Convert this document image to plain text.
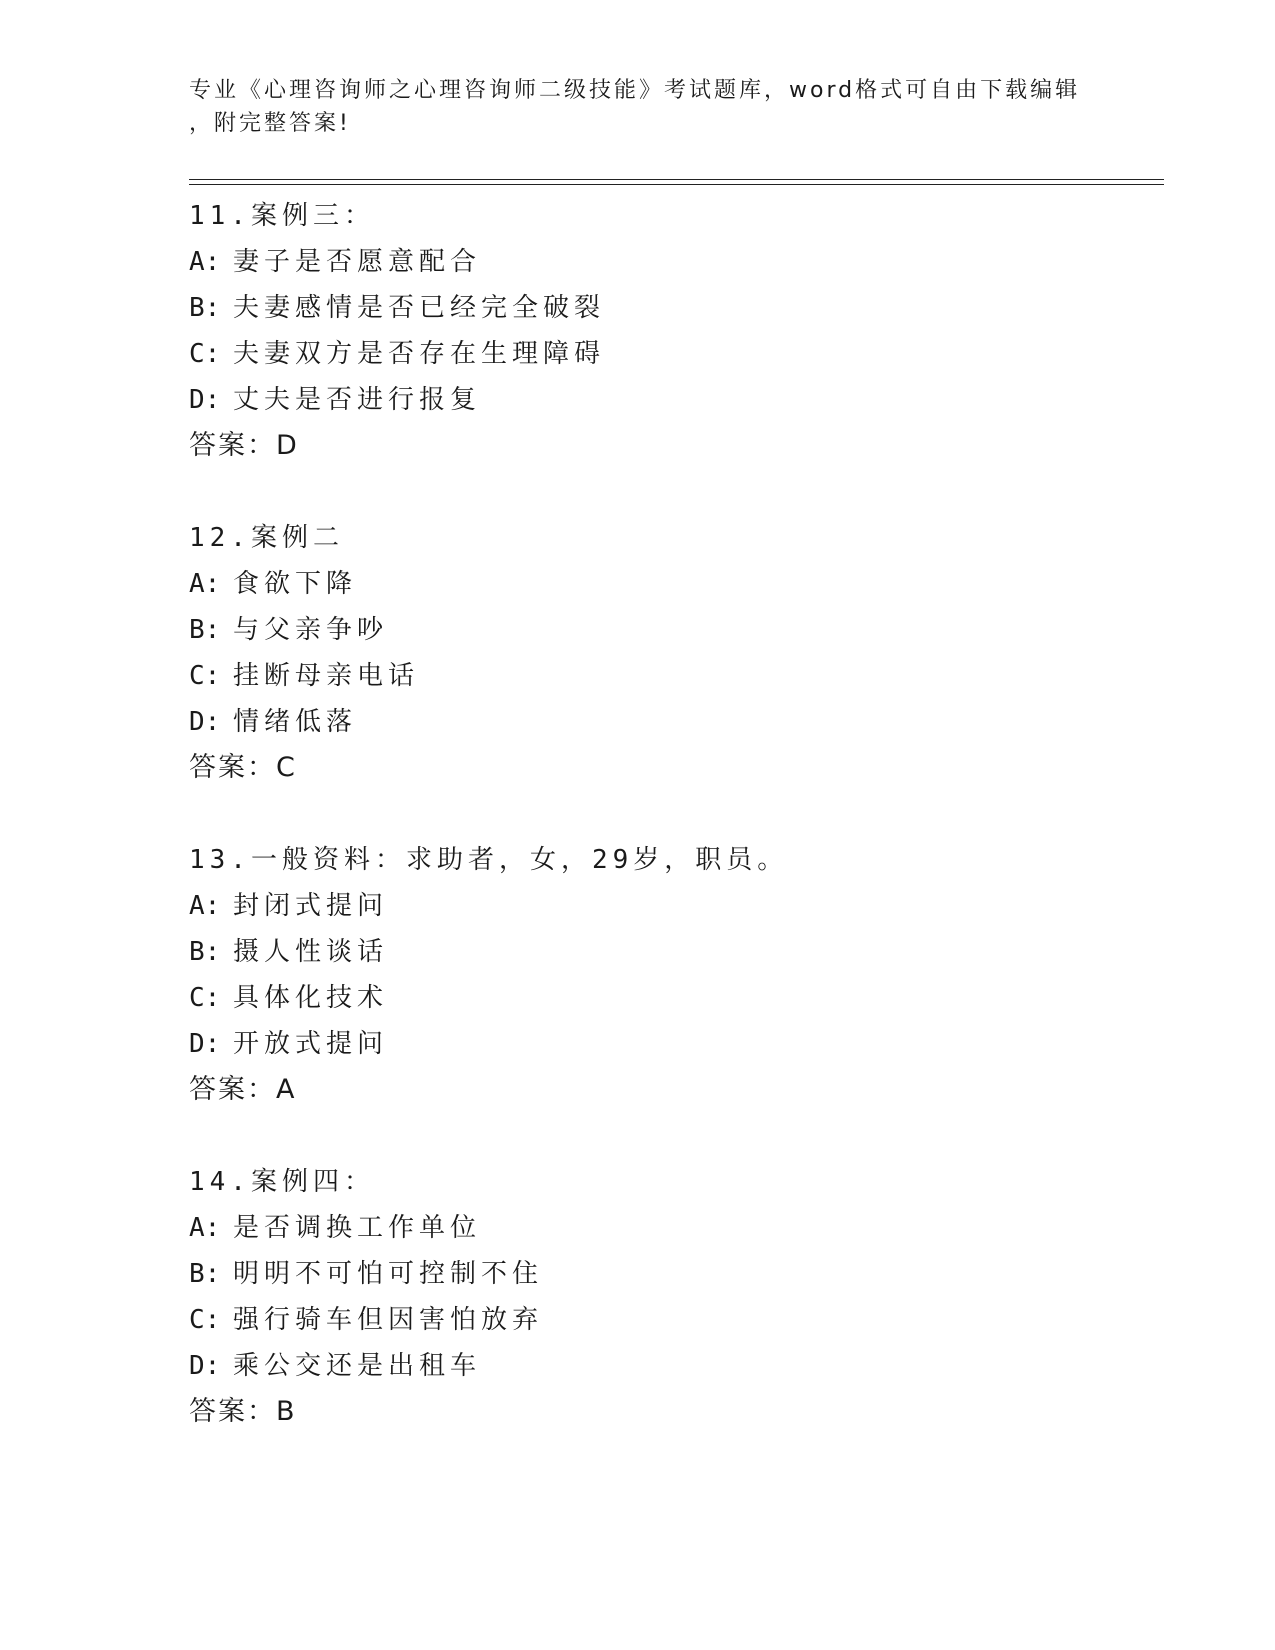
专业《心理咨询师之心理咨询师二级技能》考试题库，word格式可自由下载编辑
，附完整答案!
11.案例三：
A: 妻子是否愿意配合
B: 夫妻感情是否已经完全破裂
C: 夫妻双方是否存在生理障碍
D: 丈夫是否进行报复
答案：D
12.案例二
A: 食欲下降
B: 与父亲争吵
C: 挂断母亲电话
D: 情绪低落
答案：C
13.一般资料：求助者，女，29岁，职员。
A: 封闭式提问
B: 摄人性谈话
C: 具体化技术
D: 开放式提问
答案：A
14.案例四：
A: 是否调换工作单位
B: 明明不可怕可控制不住
C: 强行骑车但因害怕放弃
D: 乘公交还是出租车
答案：B
